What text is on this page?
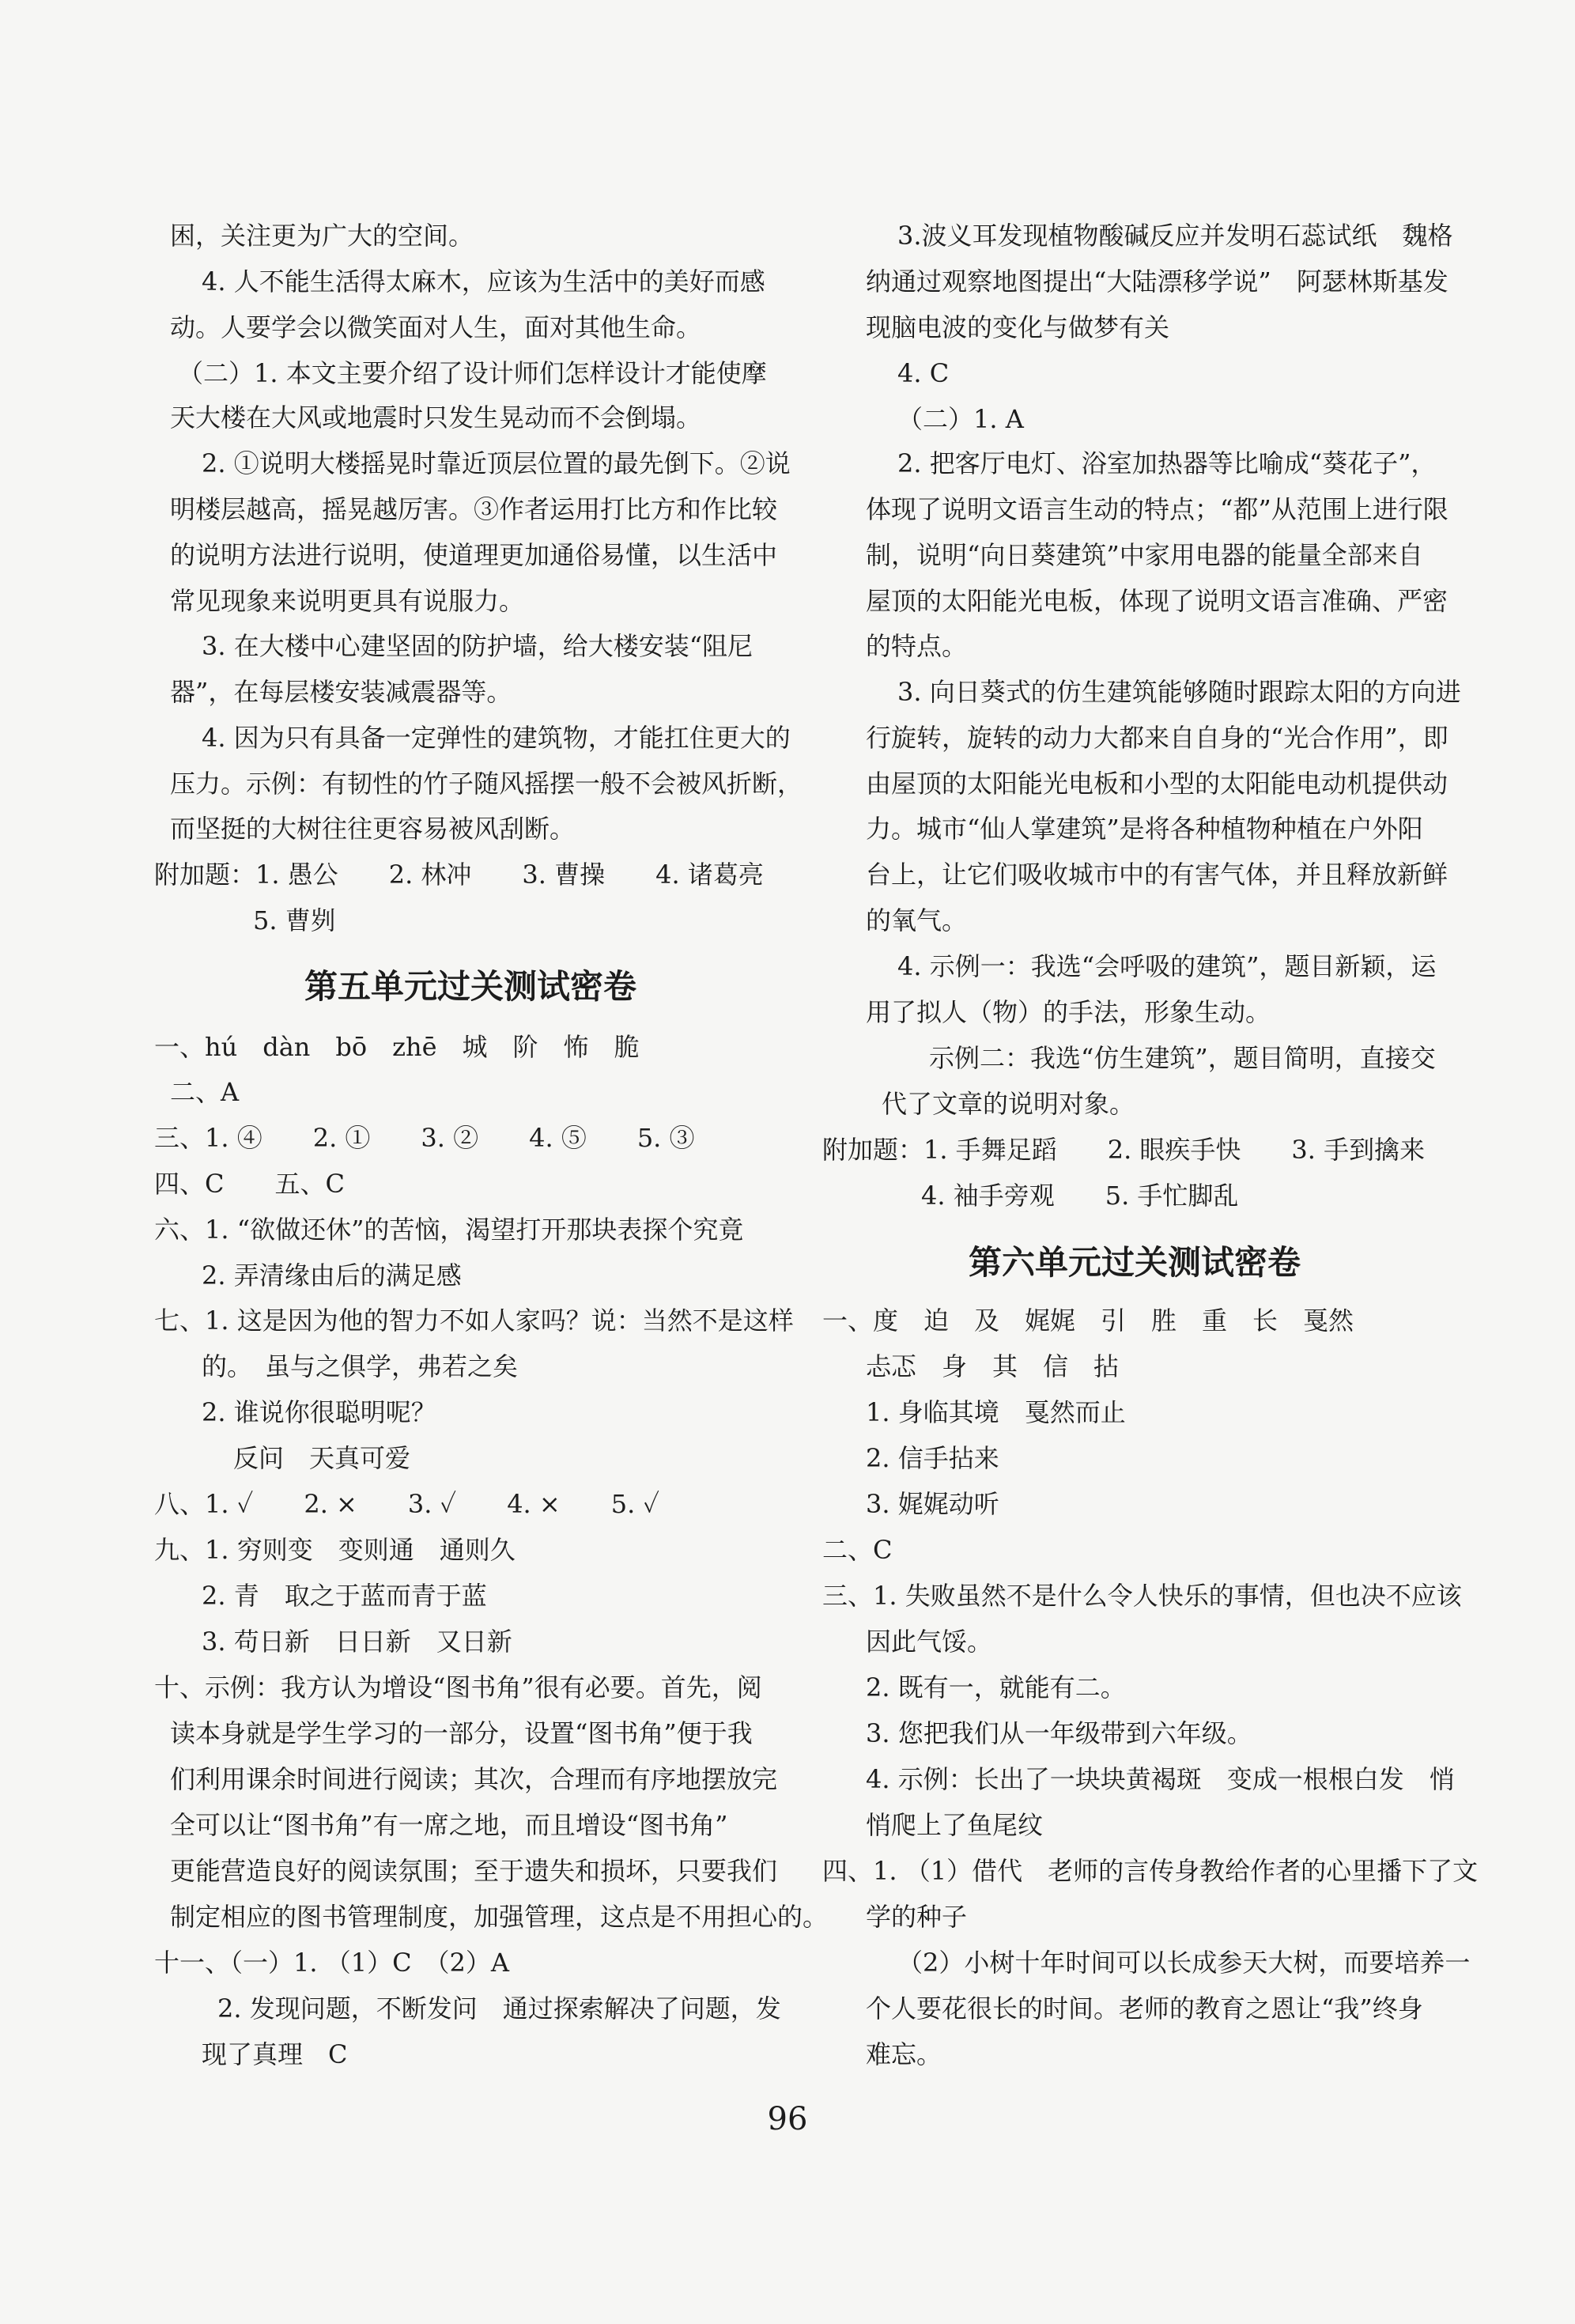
困，关注更为广大的空间。
4. 人不能生活得太麻木，应该为生活中的美好而感
动。人要学会以微笑面对人生，面对其他生命。
（二）1. 本文主要介绍了设计师们怎样设计才能使摩
天大楼在大风或地震时只发生晃动而不会倒塌。
2. ①说明大楼摇晃时靠近顶层位置的最先倒下。②说
明楼层越高，摇晃越厉害。③作者运用打比方和作比较
的说明方法进行说明，使道理更加通俗易懂，以生活中
常见现象来说明更具有说服力。
3. 在大楼中心建坚固的防护墙，给大楼安装“阻尼
器”，在每层楼安装减震器等。
4. 因为只有具备一定弹性的建筑物，才能扛住更大的
压力。示例：有韧性的竹子随风摇摆一般不会被风折断，
而坚挺的大树往往更容易被风刮断。
附加题：1. 愚公　　2. 林冲　　3. 曹操　　4. 诸葛亮
5. 曹刿
第五单元过关测试密卷
一、hú　dàn　bō　zhē　城　阶　怖　脆
二、A
三、1. ④　　2. ①　　3. ②　　4. ⑤　　5. ③
四、C　　五、C
六、1. “欲做还休”的苦恼，渴望打开那块表探个究竟
2. 弄清缘由后的满足感
七、1. 这是因为他的智力不如人家吗？说：当然不是这样
的。　虽与之俱学，弗若之矣
2. 谁说你很聪明呢？
反问　天真可爱
八、1. ✓　　2. ×　　3. ✓　　4. ×　　5. ✓
九、1. 穷则变　变则通　通则久
2. 青　取之于蓝而青于蓝
3. 苟日新　日日新　又日新
十、示例：我方认为增设“图书角”很有必要。首先，阅
读本身就是学生学习的一部分，设置“图书角”便于我
们利用课余时间进行阅读；其次，合理而有序地摆放完
全可以让“图书角”有一席之地，而且增设“图书角”
更能营造良好的阅读氛围；至于遗失和损坏，只要我们
制定相应的图书管理制度，加强管理，这点是不用担心的。
十一、（一）1. （1）C　（2）A
2. 发现问题，不断发问　通过探索解决了问题，发
现了真理　C
3.波义耳发现植物酸碱反应并发明石蕊试纸　魏格
纳通过观察地图提出“大陆漂移学说”　阿瑟林斯基发
现脑电波的变化与做梦有关
4. C
（二）1. A
2. 把客厅电灯、浴室加热器等比喻成“葵花子”，
体现了说明文语言生动的特点；“都”从范围上进行限
制，说明“向日葵建筑”中家用电器的能量全部来自
屋顶的太阳能光电板，体现了说明文语言准确、严密
的特点。
3. 向日葵式的仿生建筑能够随时跟踪太阳的方向进
行旋转，旋转的动力大都来自自身的“光合作用”，即
由屋顶的太阳能光电板和小型的太阳能电动机提供动
力。城市“仙人掌建筑”是将各种植物种植在户外阳
台上，让它们吸收城市中的有害气体，并且释放新鲜
的氧气。
4. 示例一：我选“会呼吸的建筑”，题目新颖，运
用了拟人（物）的手法，形象生动。
示例二：我选“仿生建筑”，题目简明，直接交
代了文章的说明对象。
附加题：1. 手舞足蹈　　2. 眼疾手快　　3. 手到擒来
4. 袖手旁观　　5. 手忙脚乱
第六单元过关测试密卷
一、度　迫　及　娓娓　引　胜　重　长　戛然
忐忑　身　其　信　拈
1. 身临其境　戛然而止
2. 信手拈来
3. 娓娓动听
二、C
三、1. 失败虽然不是什么令人快乐的事情，但也决不应该
因此气馁。
2. 既有一，就能有二。
3. 您把我们从一年级带到六年级。
4. 示例：长出了一块块黄褐斑　变成一根根白发　悄
悄爬上了鱼尾纹
四、1. （1）借代　老师的言传身教给作者的心里播下了文
学的种子
（2）小树十年时间可以长成参天大树，而要培养一
个人要花很长的时间。老师的教育之恩让“我”终身
难忘。
96
